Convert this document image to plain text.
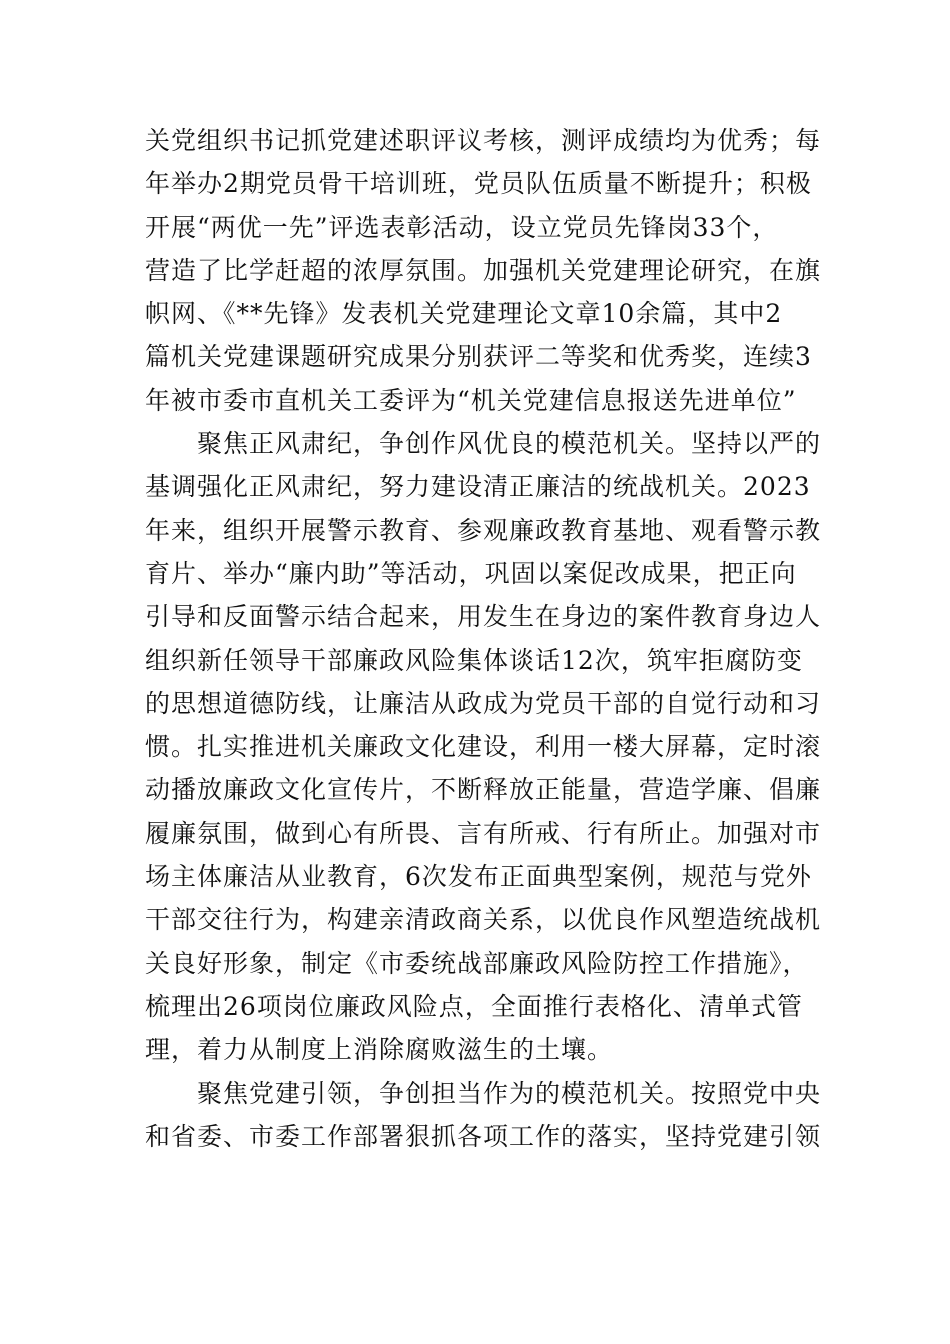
关党组织书记抓党建述职评议考核，测评成绩均为优秀；每
年举办2期党员骨干培训班，党员队伍质量不断提升；积极
开展“两优一先”评选表彰活动，设立党员先锋岗33个，
营造了比学赶超的浓厚氛围。加强机关党建理论研究，在旗
帜网、《**先锋》发表机关党建理论文章10余篇，其中2
篇机关党建课题研究成果分别获评二等奖和优秀奖，连续3
年被市委市直机关工委评为“机关党建信息报送先进单位”
聚焦正风肃纪，争创作风优良的模范机关。坚持以严的
基调强化正风肃纪，努力建设清正廉洁的统战机关。2023
年来，组织开展警示教育、参观廉政教育基地、观看警示教
育片、举办“廉内助”等活动，巩固以案促改成果，把正向
引导和反面警示结合起来，用发生在身边的案件教育身边人
组织新任领导干部廉政风险集体谈话12次，筑牢拒腐防变
的思想道德防线，让廉洁从政成为党员干部的自觉行动和习
惯。扎实推进机关廉政文化建设，利用一楼大屏幕，定时滚
动播放廉政文化宣传片，不断释放正能量，营造学廉、倡廉
履廉氛围，做到心有所畏、言有所戒、行有所止。加强对市
场主体廉洁从业教育，6次发布正面典型案例，规范与党外
干部交往行为，构建亲清政商关系，以优良作风塑造统战机
关良好形象，制定《市委统战部廉政风险防控工作措施》，
梳理出26项岗位廉政风险点，全面推行表格化、清单式管
理，着力从制度上消除腐败滋生的土壤。
聚焦党建引领，争创担当作为的模范机关。按照党中央
和省委、市委工作部署狠抓各项工作的落实，坚持党建引领
